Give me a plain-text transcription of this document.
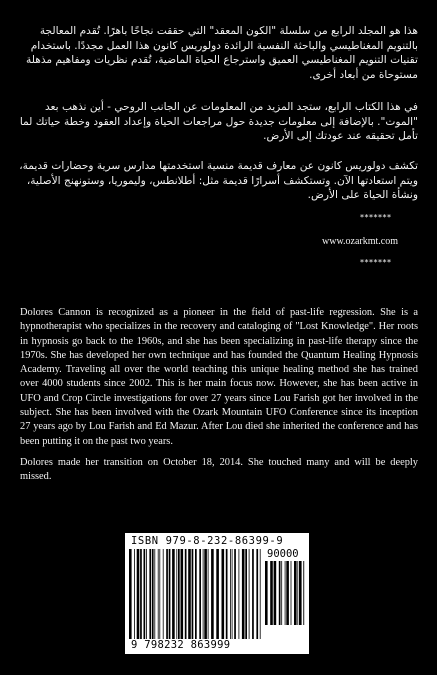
هذا هو المجلد الرابع من سلسلة "الكون المعقد" التي حققت نجاحًا باهرًا. تُقدم المعالجة بالتنويم المغناطيسي والباحثة النفسية الرائدة دولوريس كانون هذا العمل مجددًا. باستخدام تقنيات التنويم المغناطيسي العميق واسترجاع الحياة الماضية، تُقدم نظريات ومفاهيم مذهلة مستوحاة من أبعاد أخرى.

في هذا الكتاب الرابع، ستجد المزيد من المعلومات عن الجانب الروحي - أين نذهب بعد "الموت". بالإضافة إلى معلومات جديدة حول مراجعات الحياة وإعداد العقود وخطة حياتك لما تأمل تحقيقه عند عودتك إلى الأرض.

تكشف دولوريس كانون عن معارف قديمة منسية استخدمتها مدارس سرية وحضارات قديمة، ويتم استعادتها الآن. وتستكشف أسرارًا قديمة مثل: أطلانطس، وليموريا، وستونهنج الأصلية، ونشأة الحياة على الأرض.

*******

www.ozarkmt.com

*******

Dolores Cannon is recognized as a pioneer in the field of past-life regression. She is a hypnotherapist who specializes in the recovery and cataloging of "Lost Knowledge". Her roots in hypnosis go back to the 1960s, and she has been specializing in past-life therapy since the 1970s. She has developed her own technique and has founded the Quantum Healing Hypnosis Academy. Traveling all over the world teaching this unique healing method she has trained over 4000 students since 2002. This is her main focus now. However, she has been active in UFO and Crop Circle investigations for over 27 years since Lou Farish got her involved in the subject. She has been involved with the Ozark Mountain UFO Conference since its inception 27 years ago by Lou Farish and Ed Mazur. After Lou died she inherited the conference and has been putting it on the past two years.

Dolores made her transition on October 18, 2014. She touched many and will be deeply missed.

ISBN 979-8-232-86399-9
90000
9 798232 863999
